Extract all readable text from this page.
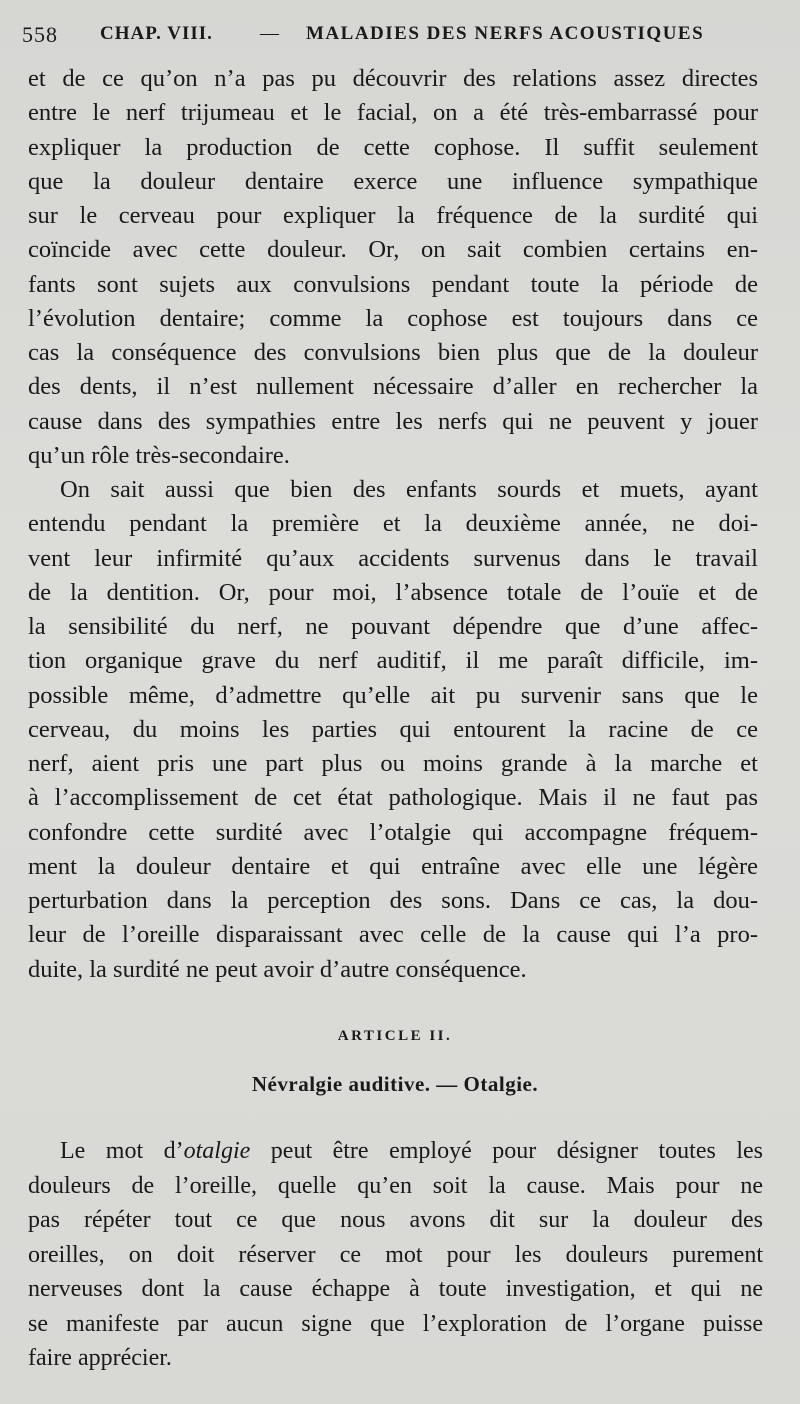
558 CHAP. VIII. — MALADIES DES NERFS ACOUSTIQUES
et de ce qu’on n’a pas pu découvrir des relations assez directes
entre le nerf trijumeau et le facial, on a été très-embarrassé pour
expliquer la production de cette cophose. Il suffit seulement
que la douleur dentaire exerce une influence sympathique
sur le cerveau pour expliquer la fréquence de la surdité qui
coïncide avec cette douleur. Or, on sait combien certains en-
fants sont sujets aux convulsions pendant toute la période de
l’évolution dentaire; comme la cophose est toujours dans ce
cas la conséquence des convulsions bien plus que de la douleur
des dents, il n’est nullement nécessaire d’aller en rechercher la
cause dans des sympathies entre les nerfs qui ne peuvent y jouer
qu’un rôle très-secondaire.
On sait aussi que bien des enfants sourds et muets, ayant
entendu pendant la première et la deuxième année, ne doi-
vent leur infirmité qu’aux accidents survenus dans le travail
de la dentition. Or, pour moi, l’absence totale de l’ouïe et de
la sensibilité du nerf, ne pouvant dépendre que d’une affec-
tion organique grave du nerf auditif, il me paraît difficile, im-
possible même, d’admettre qu’elle ait pu survenir sans que le
cerveau, du moins les parties qui entourent la racine de ce
nerf, aient pris une part plus ou moins grande à la marche et
à l’accomplissement de cet état pathologique. Mais il ne faut pas
confondre cette surdité avec l’otalgie qui accompagne fréquem-
ment la douleur dentaire et qui entraîne avec elle une légère
perturbation dans la perception des sons. Dans ce cas, la dou-
leur de l’oreille disparaissant avec celle de la cause qui l’a pro-
duite, la surdité ne peut avoir d’autre conséquence.
ARTICLE II.
Névralgie auditive. — Otalgie.
Le mot d’otalgie peut être employé pour désigner toutes les
douleurs de l’oreille, quelle qu’en soit la cause. Mais pour ne
pas répéter tout ce que nous avons dit sur la douleur des
oreilles, on doit réserver ce mot pour les douleurs purement
nerveuses dont la cause échappe à toute investigation, et qui ne
se manifeste par aucun signe que l’exploration de l’organe puisse
faire apprécier.
